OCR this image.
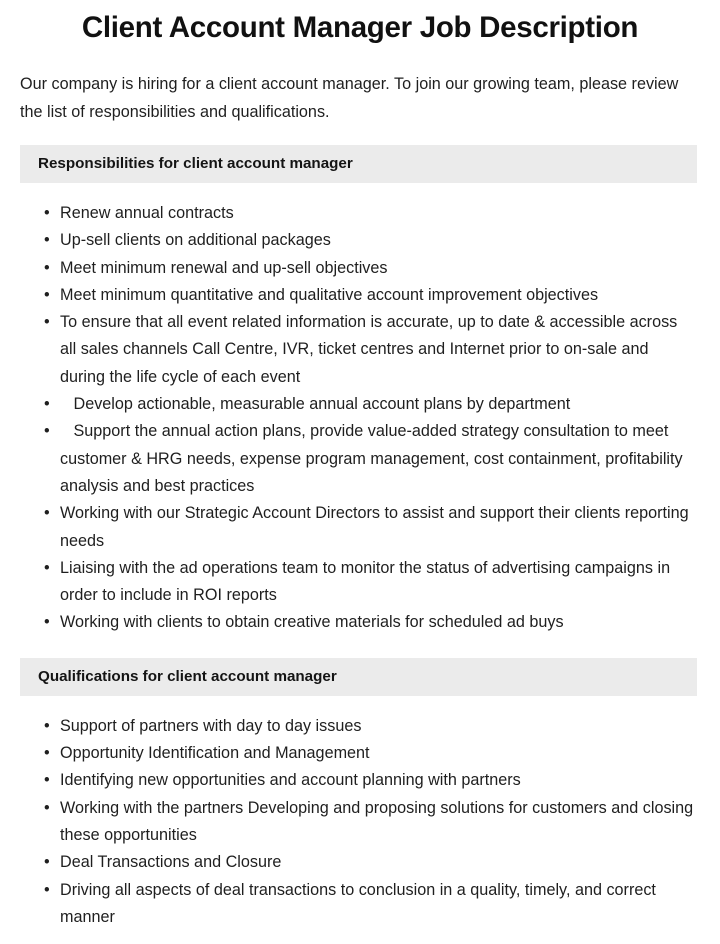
Client Account Manager Job Description

Our company is hiring for a client account manager. To join our growing team, please review the list of responsibilities and qualifications.

Responsibilities for client account manager
• Renew annual contracts
• Up-sell clients on additional packages
• Meet minimum renewal and up-sell objectives
• Meet minimum quantitative and qualitative account improvement objectives
• To ensure that all event related information is accurate, up to date & accessible across all sales channels Call Centre, IVR, ticket centres and Internet prior to on-sale and during the life cycle of each event
•    Develop actionable, measurable annual account plans by department
•    Support the annual action plans, provide value-added strategy consultation to meet customer & HRG needs, expense program management, cost containment, profitability analysis and best practices
• Working with our Strategic Account Directors to assist and support their clients reporting needs
• Liaising with the ad operations team to monitor the status of advertising campaigns in order to include in ROI reports
• Working with clients to obtain creative materials for scheduled ad buys
Qualifications for client account manager
• Support of partners with day to day issues
• Opportunity Identification and Management
• Identifying new opportunities and account planning with partners
• Working with the partners Developing and proposing solutions for customers and closing these opportunities
• Deal Transactions and Closure
• Driving all aspects of deal transactions to conclusion in a quality, timely, and correct manner
